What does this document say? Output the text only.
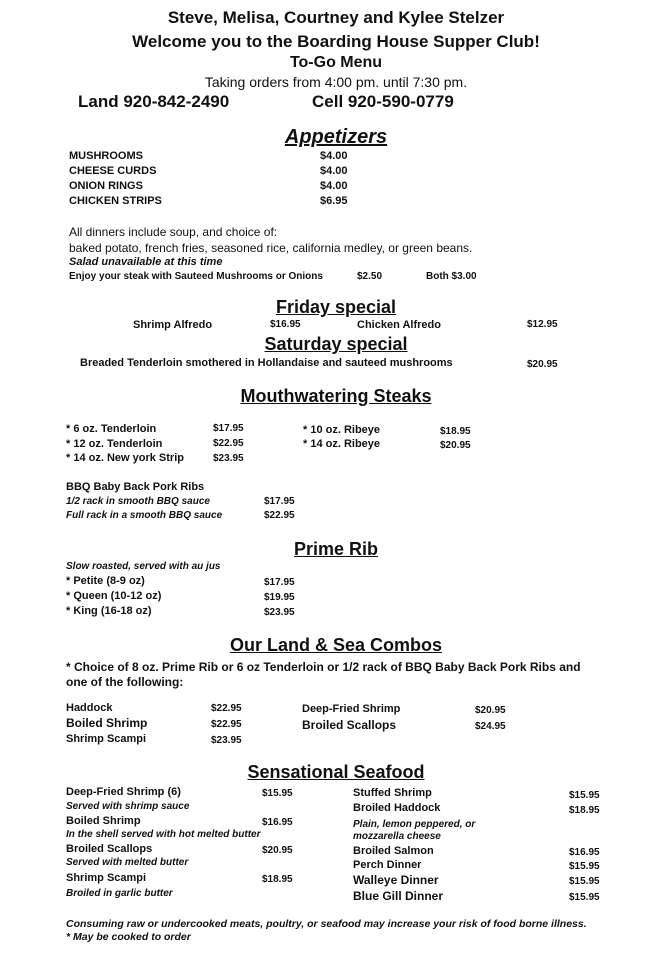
Steve, Melisa, Courtney and Kylee Stelzer
Welcome you to the Boarding House Supper Club!
To-Go Menu
Taking orders from 4:00 pm. until 7:30 pm.
Land 920-842-2490	Cell 920-590-0779
Appetizers
MUSHROOMS	$4.00
CHEESE CURDS	$4.00
ONION RINGS	$4.00
CHICKEN STRIPS	$6.95
All dinners include soup, and choice of:
baked potato, french fries, seasoned rice, california medley, or green beans.
Salad unavailable at this time
Enjoy your steak with Sauteed Mushrooms or Onions	$2.50	Both $3.00
Friday special
Shrimp Alfredo	$16.95	Chicken Alfredo	$12.95
Saturday special
Breaded Tenderloin smothered in Hollandaise and sauteed mushrooms	$20.95
Mouthwatering Steaks
* 6 oz. Tenderloin	$17.95
* 12 oz. Tenderloin	$22.95
* 14 oz. New york Strip	$23.95
* 10 oz. Ribeye	$18.95
* 14 oz. Ribeye	$20.95
BBQ Baby Back Pork Ribs
1/2 rack in smooth BBQ sauce	$17.95
Full rack in a smooth BBQ sauce	$22.95
Prime Rib
Slow roasted, served with au jus
* Petite (8-9 oz)	$17.95
* Queen (10-12 oz)	$19.95
* King (16-18 oz)	$23.95
Our Land & Sea Combos
* Choice of 8 oz. Prime Rib or 6 oz Tenderloin or 1/2 rack of BBQ Baby Back Pork Ribs and
one of the following:
Haddock	$22.95
Boiled Shrimp	$22.95
Shrimp Scampi	$23.95
Deep-Fried Shrimp	$20.95
Broiled Scallops	$24.95
Sensational Seafood
Deep-Fried Shrimp (6)	$15.95
Served with shrimp sauce
Boiled Shrimp	$16.95
In the shell served with hot melted butter
Broiled Scallops	$20.95
Served with melted butter
Shrimp Scampi	$18.95
Broiled in garlic butter
Stuffed Shrimp	$15.95
Broiled Haddock	$18.95
Plain, lemon peppered, or
mozzarella cheese
Broiled Salmon	$16.95
Perch Dinner	$15.95
Walleye Dinner	$15.95
Blue Gill Dinner	$15.95
Consuming raw or undercooked meats, poultry, or seafood may increase your risk of food borne illness.
* May be cooked to order
